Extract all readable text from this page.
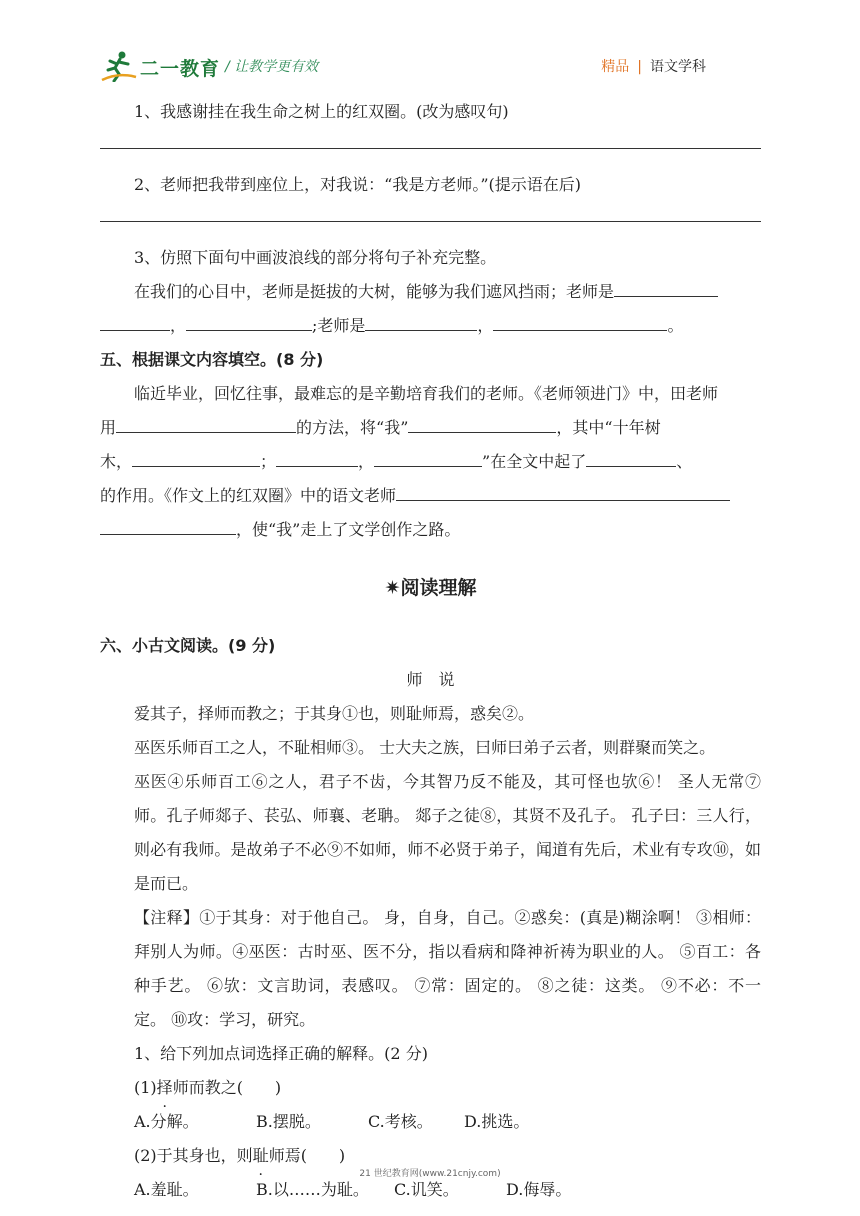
二一教育 / 让教学更有效	精品 | 语文学科

1、我感谢挂在我生命之树上的红双圈。(改为感叹句)

2、老师把我带到座位上，对我说：“我是方老师。”(提示语在后)

3、仿照下面句中画波浪线的部分将句子补充完整。

在我们的心目中，老师是挺拔的大树，能够为我们遮风挡雨；老师是

，	;老师是	，	。

五、根据课文内容填空。(8 分)

临近毕业，回忆往事，最难忘的是辛勤培育我们的老师。《老师领进门》中，田老师

用	的方法，将“我”	，其中“十年树

木，	；	，	”在全文中起了	、

的作用。《作文上的红双圈》中的语文老师

，使“我”走上了文学创作之路。

✷阅读理解

六、小古文阅读。(9 分)

师　说

爱其子，择师而教之；于其身①也，则耻师焉，惑矣②。

巫医乐师百工之人，不耻相师③。 士大夫之族，曰师曰弟子云者，则群聚而笑之。

巫医④乐师百工⑥之人，君子不齿，今其智乃反不能及，其可怪也欤⑥！ 圣人无常⑦师。孔子师郯子、苌弘、师襄、老聃。 郯子之徒⑧，其贤不及孔子。 孔子曰：三人行，则必有我师。是故弟子不必⑨不如师，师不必贤于弟子，闻道有先后，术业有专攻⑩，如是而已。

【注释】①于其身：对于他自己。 身，自身，自己。②惑矣：(真是)糊涂啊！ ③相师：拜别人为师。④巫医：古时巫、医不分，指以看病和降神祈祷为职业的人。 ⑤百工：各种手艺。 ⑥欤：文言助词，表感叹。 ⑦常：固定的。 ⑧之徒：这类。 ⑨不必：不一定。 ⑩攻：学习，研究。

1、给下列加点词选择正确的解释。(2 分)

(1)择师而教之(　　)

A.分解。	B.摆脱。	C.考核。 D.挑选。

(2)于其身也，则耻师焉(　　)

A.羞耻。	B.以……为耻。 C.讥笑。	D.侮辱。

21 世纪教育网(www.21cnjy.com)
